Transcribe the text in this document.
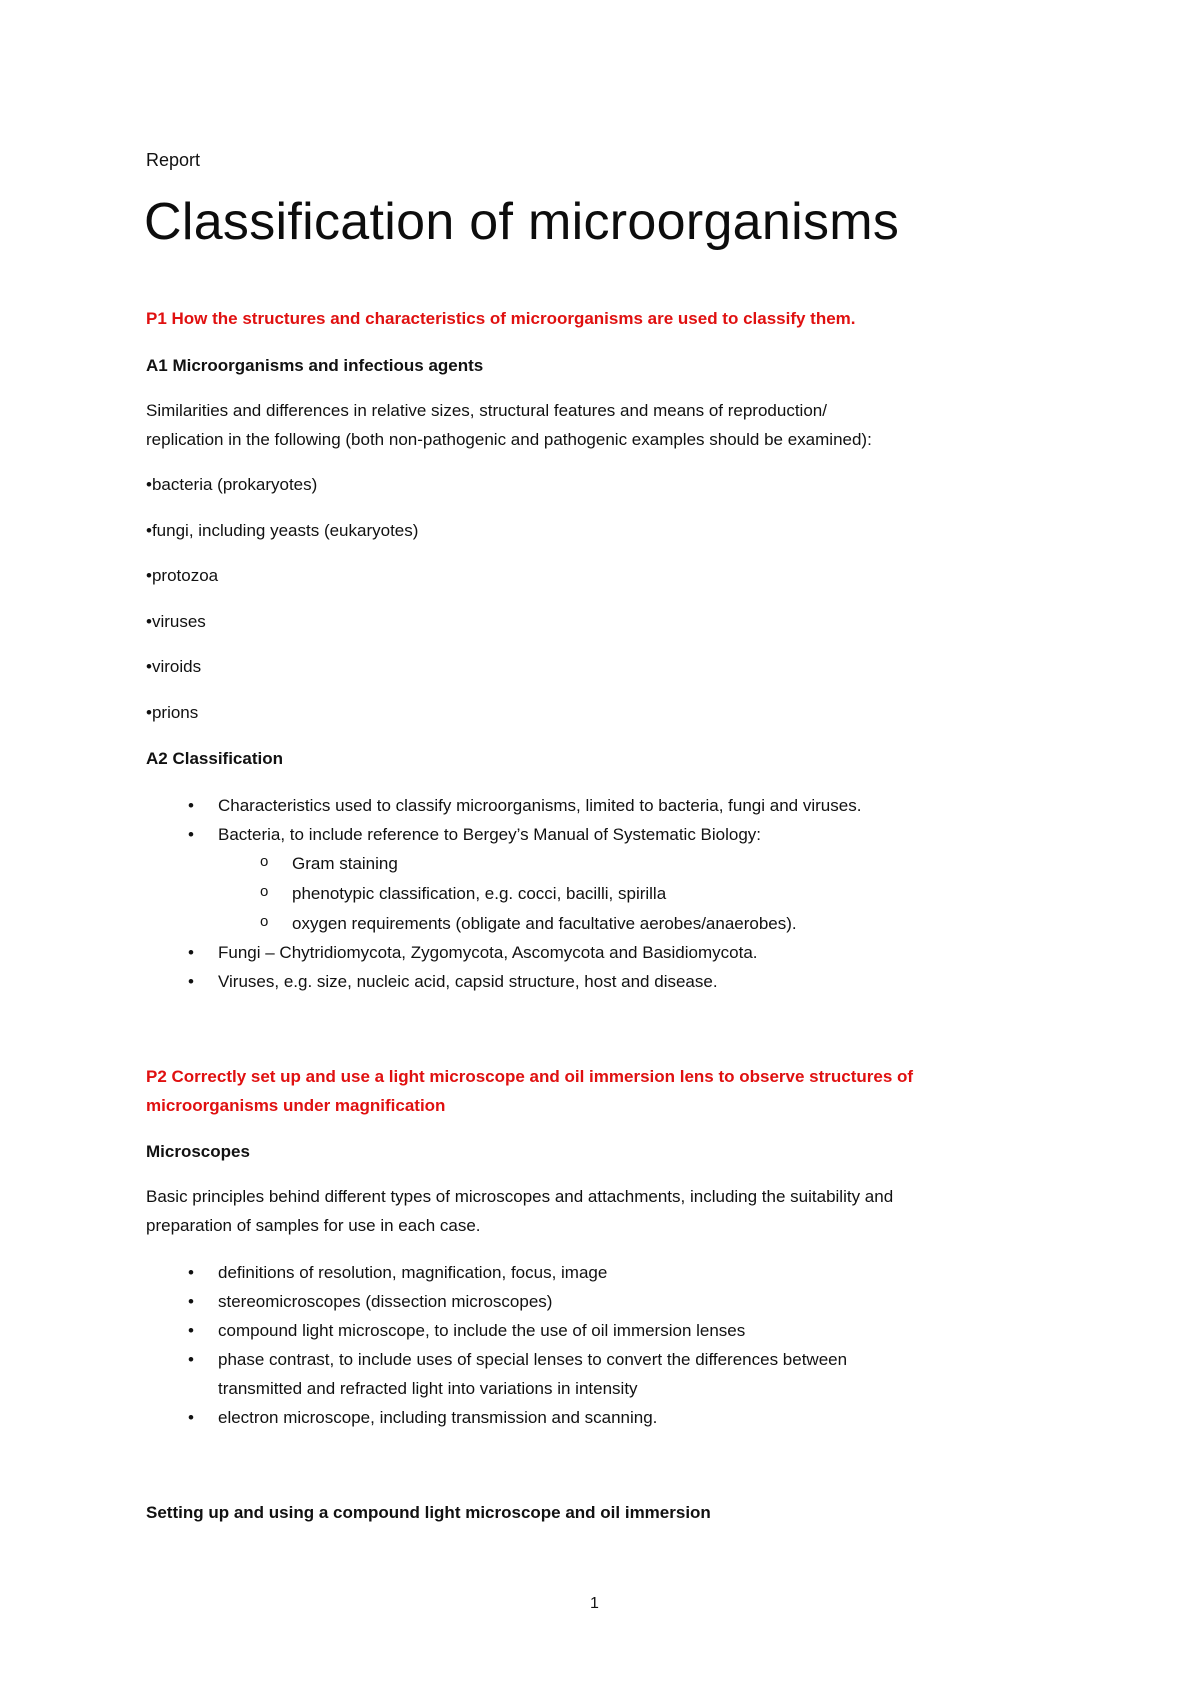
Report
Classification of microorganisms
P1 How the structures and characteristics of microorganisms are used to classify them.
A1 Microorganisms and infectious agents
Similarities and differences in relative sizes, structural features and means of reproduction/
replication in the following (both non-pathogenic and pathogenic examples should be examined):
•bacteria (prokaryotes)
•fungi, including yeasts (eukaryotes)
•protozoa
•viruses
•viroids
•prions
A2 Classification
• Characteristics used to classify microorganisms, limited to bacteria, fungi and viruses.
• Bacteria, to include reference to Bergey’s Manual of Systematic Biology:
o Gram staining
o phenotypic classification, e.g. cocci, bacilli, spirilla
o oxygen requirements (obligate and facultative aerobes/anaerobes).
• Fungi – Chytridiomycota, Zygomycota, Ascomycota and Basidiomycota.
• Viruses, e.g. size, nucleic acid, capsid structure, host and disease.
P2 Correctly set up and use a light microscope and oil immersion lens to observe structures of
microorganisms under magnification
Microscopes
Basic principles behind different types of microscopes and attachments, including the suitability and
preparation of samples for use in each case.
• definitions of resolution, magnification, focus, image
• stereomicroscopes (dissection microscopes)
• compound light microscope, to include the use of oil immersion lenses
• phase contrast, to include uses of special lenses to convert the differences between
• electron microscope, including transmission and scanning.
transmitted and refracted light into variations in intensity
Setting up and using a compound light microscope and oil immersion
1
